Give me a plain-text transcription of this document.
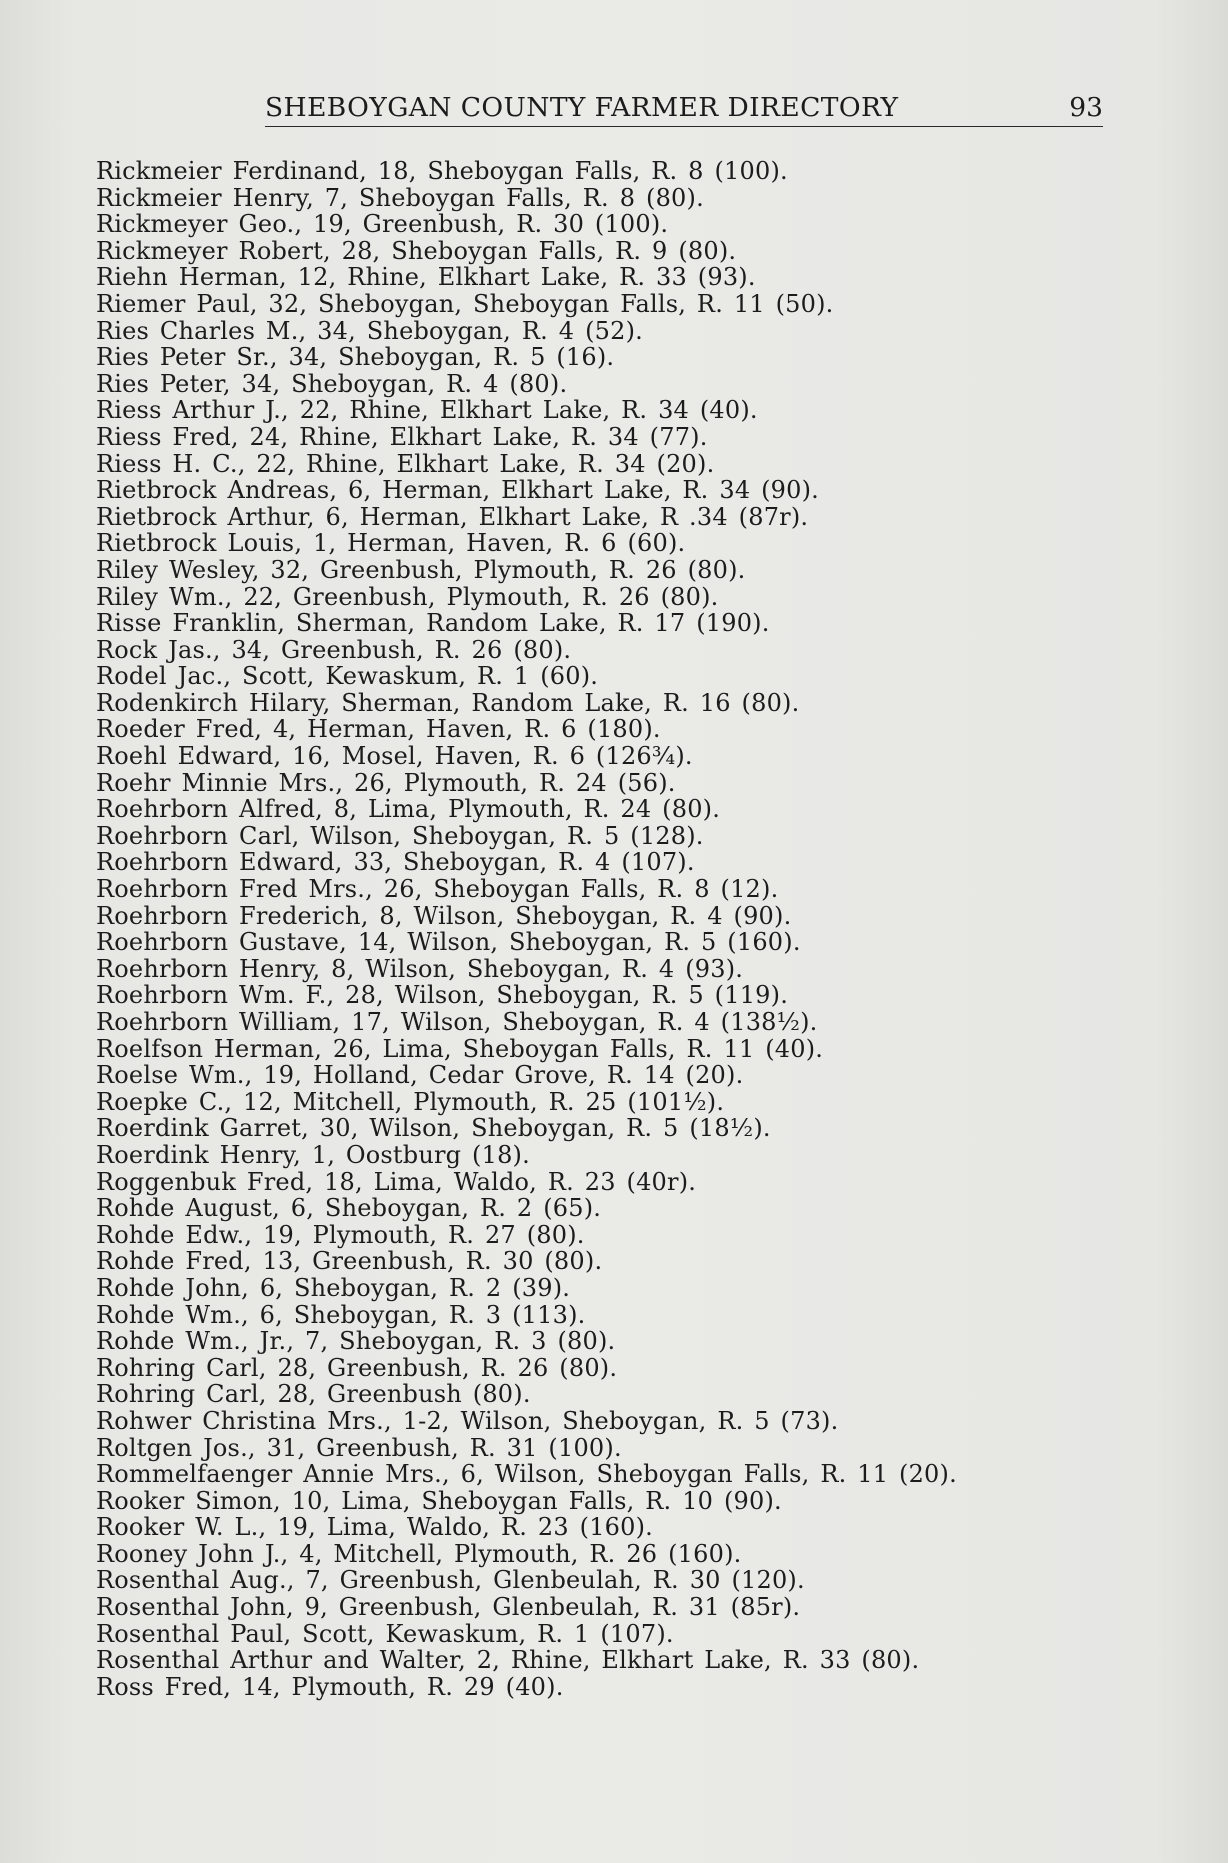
SHEBOYGAN COUNTY FARMER DIRECTORY	93
Rickmeier Ferdinand, 18, Sheboygan Falls, R. 8 (100).
Rickmeier Henry, 7, Sheboygan Falls, R. 8 (80).
Rickmeyer Geo., 19, Greenbush, R. 30 (100).
Rickmeyer Robert, 28, Sheboygan Falls, R. 9 (80).
Riehn Herman, 12, Rhine, Elkhart Lake, R. 33 (93).
Riemer Paul, 32, Sheboygan, Sheboygan Falls, R. 11 (50).
Ries Charles M., 34, Sheboygan, R. 4 (52).
Ries Peter Sr., 34, Sheboygan, R. 5 (16).
Ries Peter, 34, Sheboygan, R. 4 (80).
Riess Arthur J., 22, Rhine, Elkhart Lake, R. 34 (40).
Riess Fred, 24, Rhine, Elkhart Lake, R. 34 (77).
Riess H. C., 22, Rhine, Elkhart Lake, R. 34 (20).
Rietbrock Andreas, 6, Herman, Elkhart Lake, R. 34 (90).
Rietbrock Arthur, 6, Herman, Elkhart Lake, R .34 (87r).
Rietbrock Louis, 1, Herman, Haven, R. 6 (60).
Riley Wesley, 32, Greenbush, Plymouth, R. 26 (80).
Riley Wm., 22, Greenbush, Plymouth, R. 26 (80).
Risse Franklin, Sherman, Random Lake, R. 17 (190).
Rock Jas., 34, Greenbush, R. 26 (80).
Rodel Jac., Scott, Kewaskum, R. 1 (60).
Rodenkirch Hilary, Sherman, Random Lake, R. 16 (80).
Roeder Fred, 4, Herman, Haven, R. 6 (180).
Roehl Edward, 16, Mosel, Haven, R. 6 (126¾).
Roehr Minnie Mrs., 26, Plymouth, R. 24 (56).
Roehrborn Alfred, 8, Lima, Plymouth, R. 24 (80).
Roehrborn Carl, Wilson, Sheboygan, R. 5 (128).
Roehrborn Edward, 33, Sheboygan, R. 4 (107).
Roehrborn Fred Mrs., 26, Sheboygan Falls, R. 8 (12).
Roehrborn Frederich, 8, Wilson, Sheboygan, R. 4 (90).
Roehrborn Gustave, 14, Wilson, Sheboygan, R. 5 (160).
Roehrborn Henry, 8, Wilson, Sheboygan, R. 4 (93).
Roehrborn Wm. F., 28, Wilson, Sheboygan, R. 5 (119).
Roehrborn William, 17, Wilson, Sheboygan, R. 4 (138½).
Roelfson Herman, 26, Lima, Sheboygan Falls, R. 11 (40).
Roelse Wm., 19, Holland, Cedar Grove, R. 14 (20).
Roepke C., 12, Mitchell, Plymouth, R. 25 (101½).
Roerdink Garret, 30, Wilson, Sheboygan, R. 5 (18½).
Roerdink Henry, 1, Oostburg (18).
Roggenbuk Fred, 18, Lima, Waldo, R. 23 (40r).
Rohde August, 6, Sheboygan, R. 2 (65).
Rohde Edw., 19, Plymouth, R. 27 (80).
Rohde Fred, 13, Greenbush, R. 30 (80).
Rohde John, 6, Sheboygan, R. 2 (39).
Rohde Wm., 6, Sheboygan, R. 3 (113).
Rohde Wm., Jr., 7, Sheboygan, R. 3 (80).
Rohring Carl, 28, Greenbush, R. 26 (80).
Rohring Carl, 28, Greenbush (80).
Rohwer Christina Mrs., 1-2, Wilson, Sheboygan, R. 5 (73).
Roltgen Jos., 31, Greenbush, R. 31 (100).
Rommelfaenger Annie Mrs., 6, Wilson, Sheboygan Falls, R. 11 (20).
Rooker Simon, 10, Lima, Sheboygan Falls, R. 10 (90).
Rooker W. L., 19, Lima, Waldo, R. 23 (160).
Rooney John J., 4, Mitchell, Plymouth, R. 26 (160).
Rosenthal Aug., 7, Greenbush, Glenbeulah, R. 30 (120).
Rosenthal John, 9, Greenbush, Glenbeulah, R. 31 (85r).
Rosenthal Paul, Scott, Kewaskum, R. 1 (107).
Rosenthal Arthur and Walter, 2, Rhine, Elkhart Lake, R. 33 (80).
Ross Fred, 14, Plymouth, R. 29 (40).
